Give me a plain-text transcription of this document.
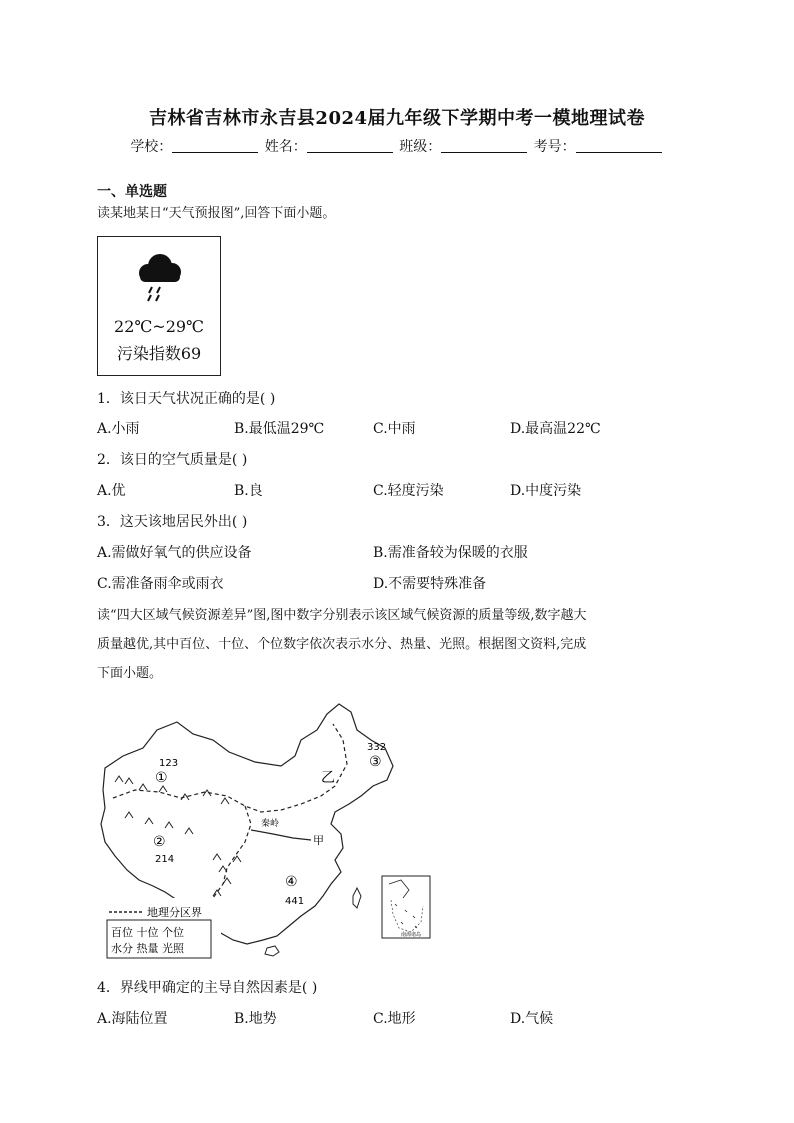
吉林省吉林市永吉县2024届九年级下学期中考一模地理试卷
学校：	姓名：	班级：	考号：
一、单选题
读某地某日“天气预报图”,回答下面小题。
22℃~29℃
污染指数69
1．该日天气状况正确的是( )
A.小雨	B.最低温29℃	C.中雨	D.最高温22℃
2．该日的空气质量是( )
A.优	B.良	C.轻度污染	D.中度污染
3．这天该地居民外出( )
A.需做好氧气的供应设备	B.需准备较为保暖的衣服
C.需准备雨伞或雨衣	D.不需要特殊准备
读“四大区域气候资源差异”图,图中数字分别表示该区域气候资源的质量等级,数字越大
质量越优,其中百位、十位、个位数字依次表示水分、热量、光照。根据图文资料,完成
下面小题。
123
①
②
214
332
③
④
441
乙
秦岭
甲
地理分区界
百位 十位 个位
水分 热量 光照
南海诸岛
4．界线甲确定的主导自然因素是( )
A.海陆位置	B.地势	C.地形	D.气候
